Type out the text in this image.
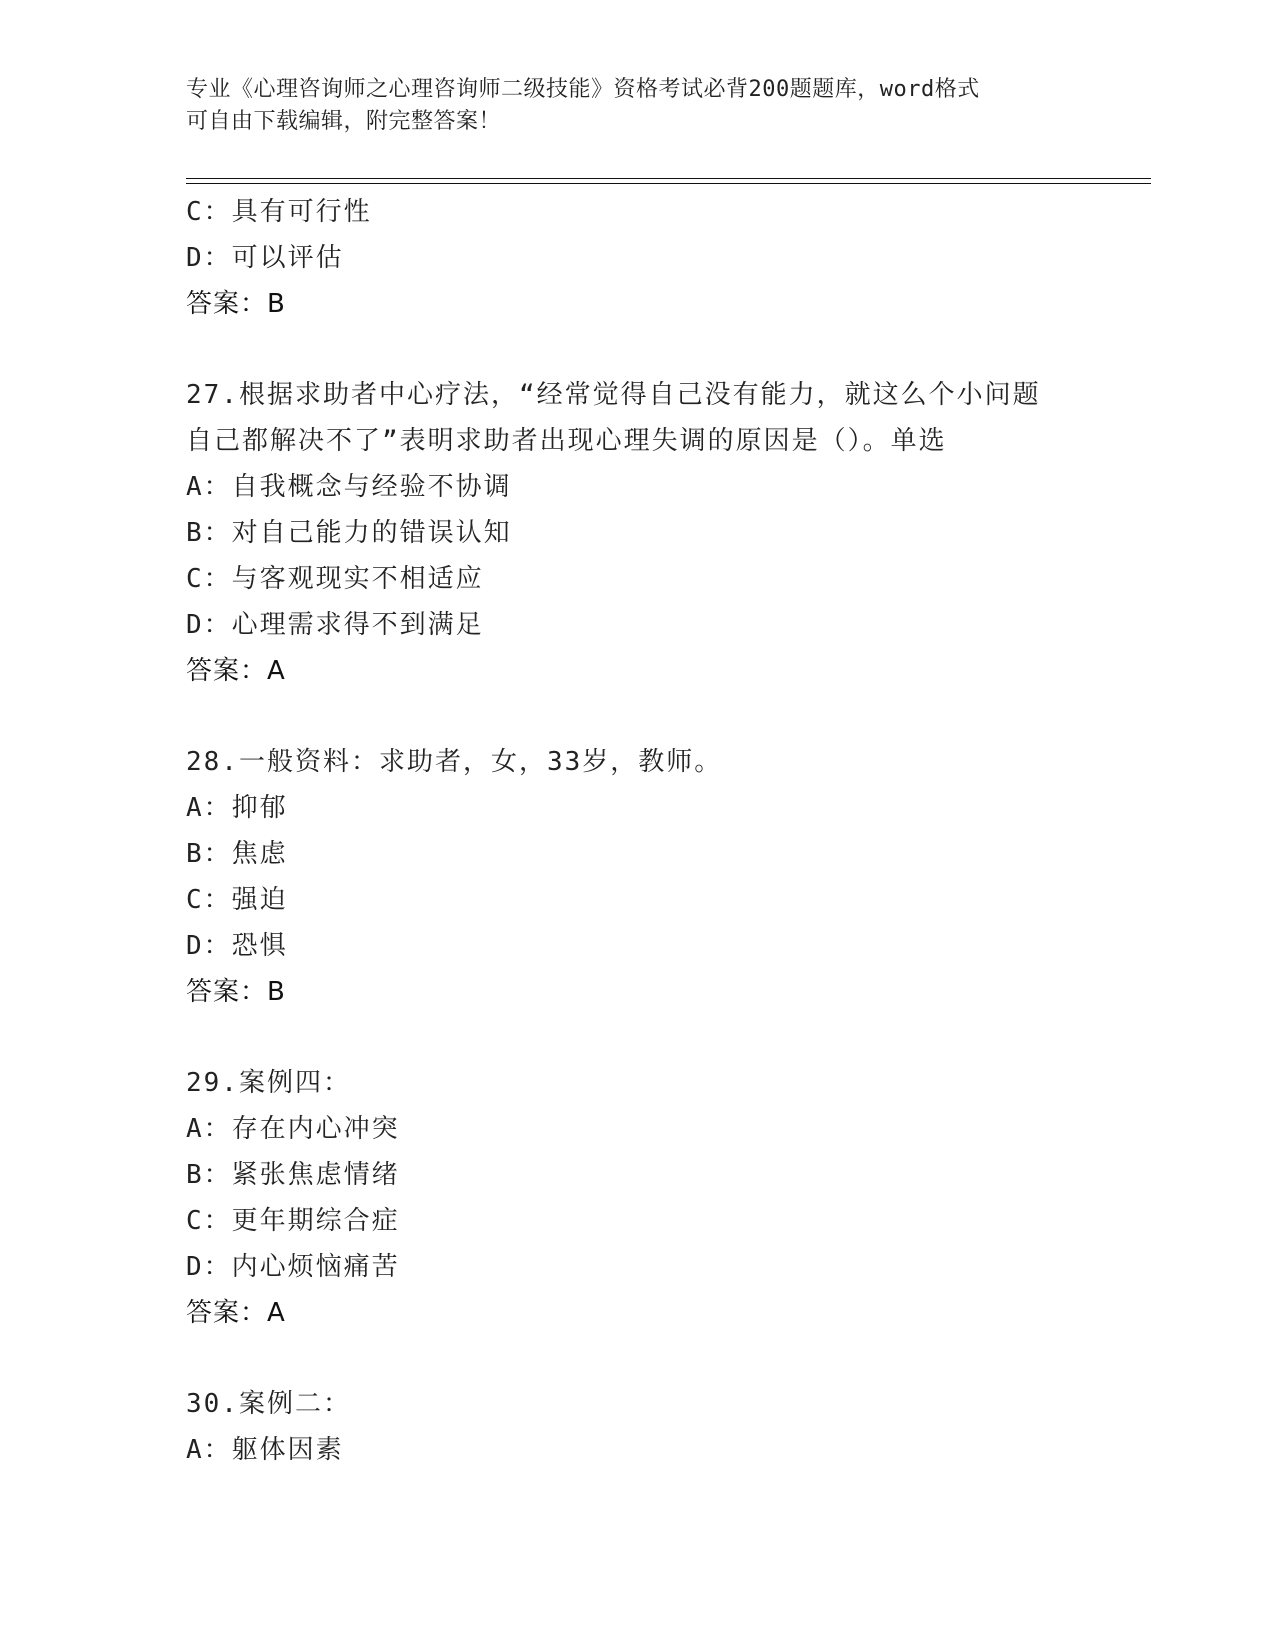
专业《心理咨询师之心理咨询师二级技能》资格考试必背200题题库，word格式
可自由下载编辑，附完整答案！
C：具有可行性
D：可以评估
答案：B
27.根据求助者中心疗法，“经常觉得自己没有能力，就这么个小问题
自己都解决不了”表明求助者出现心理失调的原因是（）。单选
A：自我概念与经验不协调
B：对自己能力的错误认知
C：与客观现实不相适应
D：心理需求得不到满足
答案：A
28.一般资料：求助者，女，33岁，教师。
A：抑郁
B：焦虑
C：强迫
D：恐惧
答案：B
29.案例四：
A：存在内心冲突
B：紧张焦虑情绪
C：更年期综合症
D：内心烦恼痛苦
答案：A
30.案例二：
A：躯体因素
